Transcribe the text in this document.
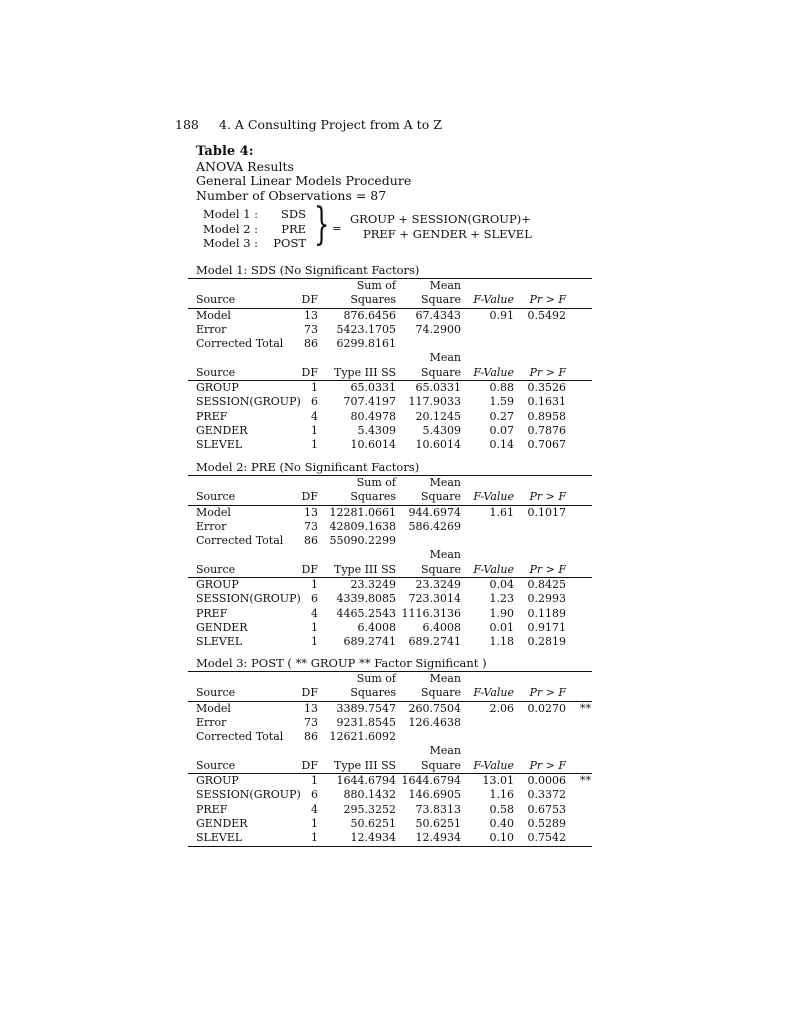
188 4. A Consulting Project from A to Z
Table 4:
ANOVA Results
General Linear Models Procedure
Number of Observations = 87
Model 1 :	SDS
Model 2 :	PRE
Model 3 :	POST } =
GROUP + SESSION(GROUP)+
PREF + GENDER + SLEVEL
Model 1: SDS (No Significant Factors)
Sum of	Mean
Source	DF	Squares Square F-Value Pr > F
Model	13 876.6456 67.4343	0.91 0.5492
Error	73 5423.1705 74.2900
Corrected Total 86 6299.8161
Mean
Source	DF Type III SS Square F-Value Pr > F
GROUP	1	65.0331 65.0331	0.88 0.3526
SESSION(GROUP) 6 707.4197 117.9033	1.59 0.1631
PREF	4	80.4978 20.1245	0.27 0.8958
GENDER	1	5.4309 5.4309	0.07 0.7876
SLEVEL	1	10.6014 10.6014	0.14 0.7067
Model 2: PRE (No Significant Factors)
Sum of	Mean
Source	DF	Squares Square F-Value Pr > F
Model	13 12281.0661 944.6974	1.61 0.1017
Error	73 42809.1638 586.4269
Corrected Total 86 55090.2299
Mean
Source	DF Type III SS Square F-Value Pr > F
GROUP	1	23.3249 23.3249	0.04 0.8425
SESSION(GROUP) 6 4339.8085 723.3014	1.23 0.2993
PREF	4 4465.2543 1116.3136	1.90 0.1189
GENDER	1	6.4008 6.4008	0.01 0.9171
SLEVEL	1 689.2741 689.2741	1.18 0.2819
Model 3: POST ( ** GROUP ** Factor Significant )
Sum of	Mean
Source	DF	Squares Square F-Value Pr > F
Model	13 3389.7547 260.7504	2.06 0.0270 **
Error	73 9231.8545 126.4638
Corrected Total 86 12621.6092
Mean
Source	DF Type III SS Square F-Value Pr > F
GROUP	1 1644.6794 1644.6794 13.01 0.0006 **
SESSION(GROUP) 6 880.1432 146.6905	1.16 0.3372
PREF	4 295.3252 73.8313	0.58 0.6753
GENDER	1	50.6251 50.6251	0.40 0.5289
SLEVEL	1	12.4934 12.4934	0.10 0.7542
